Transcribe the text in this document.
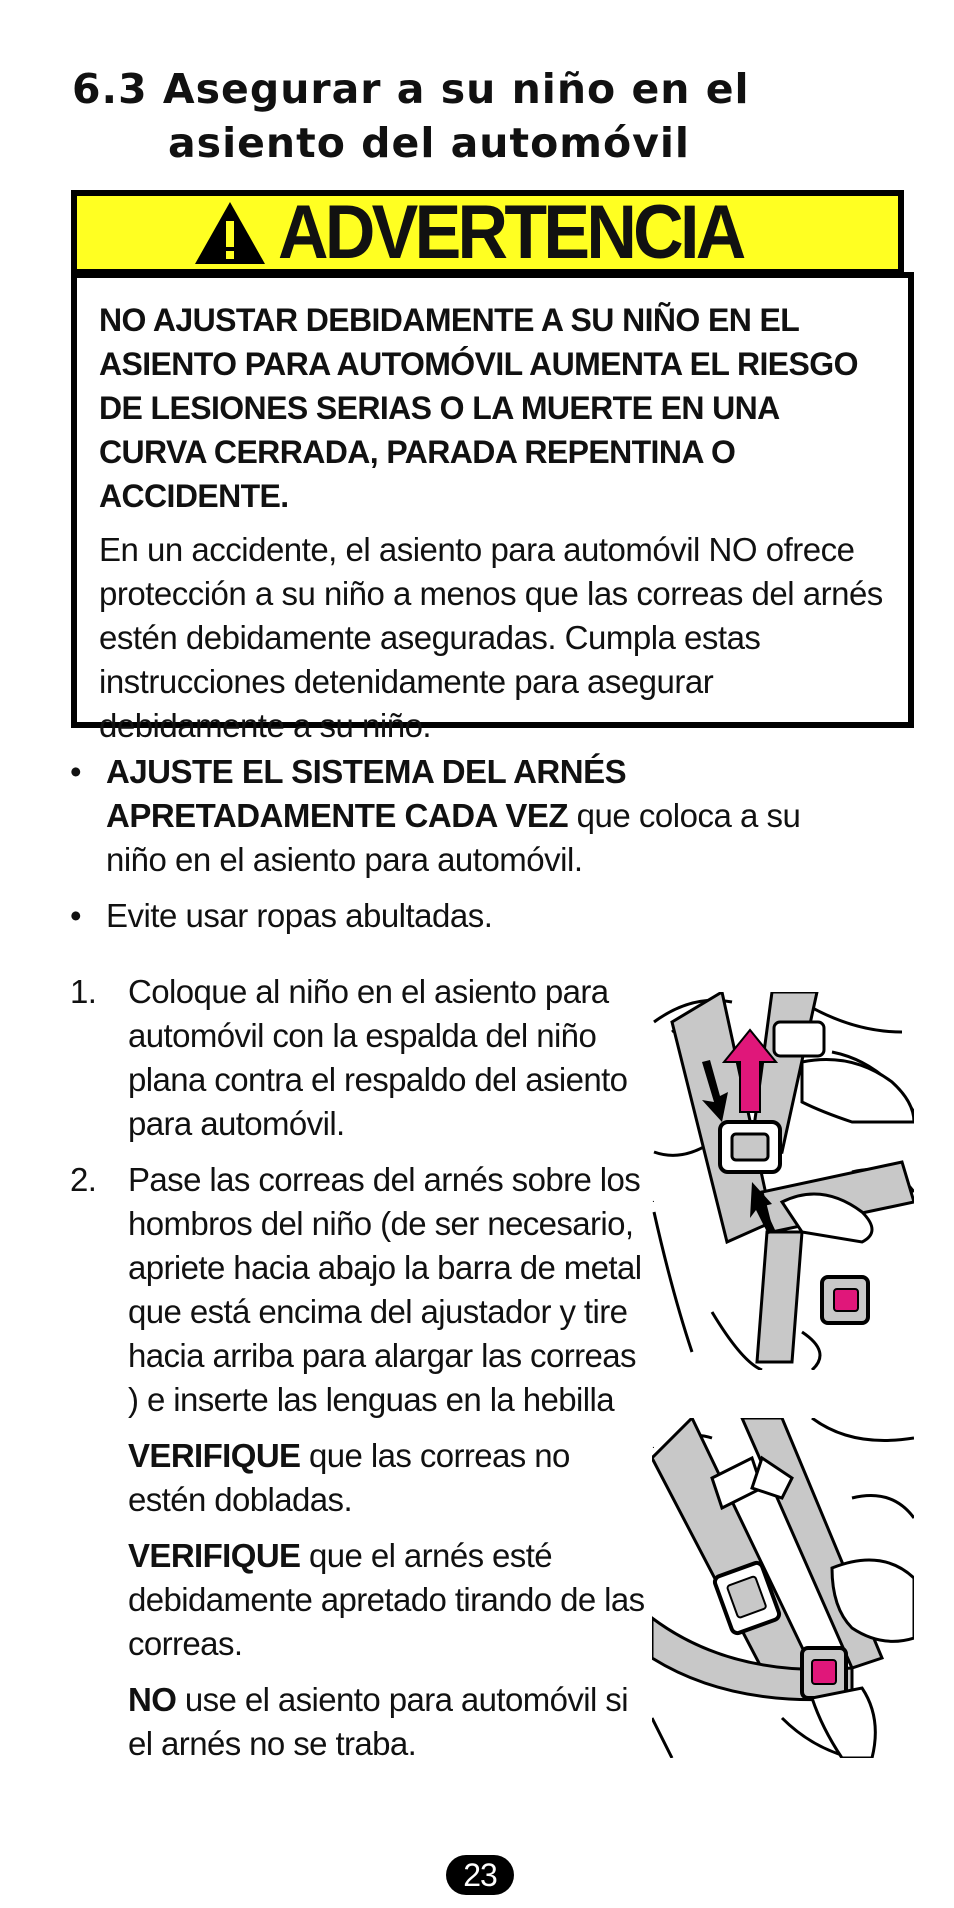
6.3 Asegurar a su niño en el
asiento del automóvil
ADVERTENCIA

NO AJUSTAR DEBIDAMENTE A SU NIÑO EN EL ASIENTO PARA AUTOMÓVIL AUMENTA EL RIESGO DE LESIONES SERIAS O LA MUERTE EN UNA CURVA CERRADA, PARADA REPENTINA O ACCIDENTE.

En un accidente, el asiento para automóvil NO ofrece protección a su niño a menos que las correas del arnés estén debidamente aseguradas. Cumpla estas instrucciones detenidamente para asegurar debidamente a su niño.

• AJUSTE EL SISTEMA DEL ARNÉS APRETADAMENTE CADA VEZ que coloca a su niño en el asiento para automóvil.
• Evite usar ropas abultadas.
1. Coloque al niño en el asiento para automóvil con la espalda del niño plana contra el respaldo del asiento para automóvil.
2. Pase las correas del arnés sobre los hombros del niño (de ser necesario, apriete hacia abajo la barra de metal que está encima del ajustador y tire hacia arriba para alargar las correas     ) e inserte las lenguas en la hebilla

VERIFIQUE que las correas no estén dobladas.

VERIFIQUE que el arnés esté debidamente apretado tirando de las correas.

NO use el asiento para automóvil si el arnés no se traba.

.
.
23
